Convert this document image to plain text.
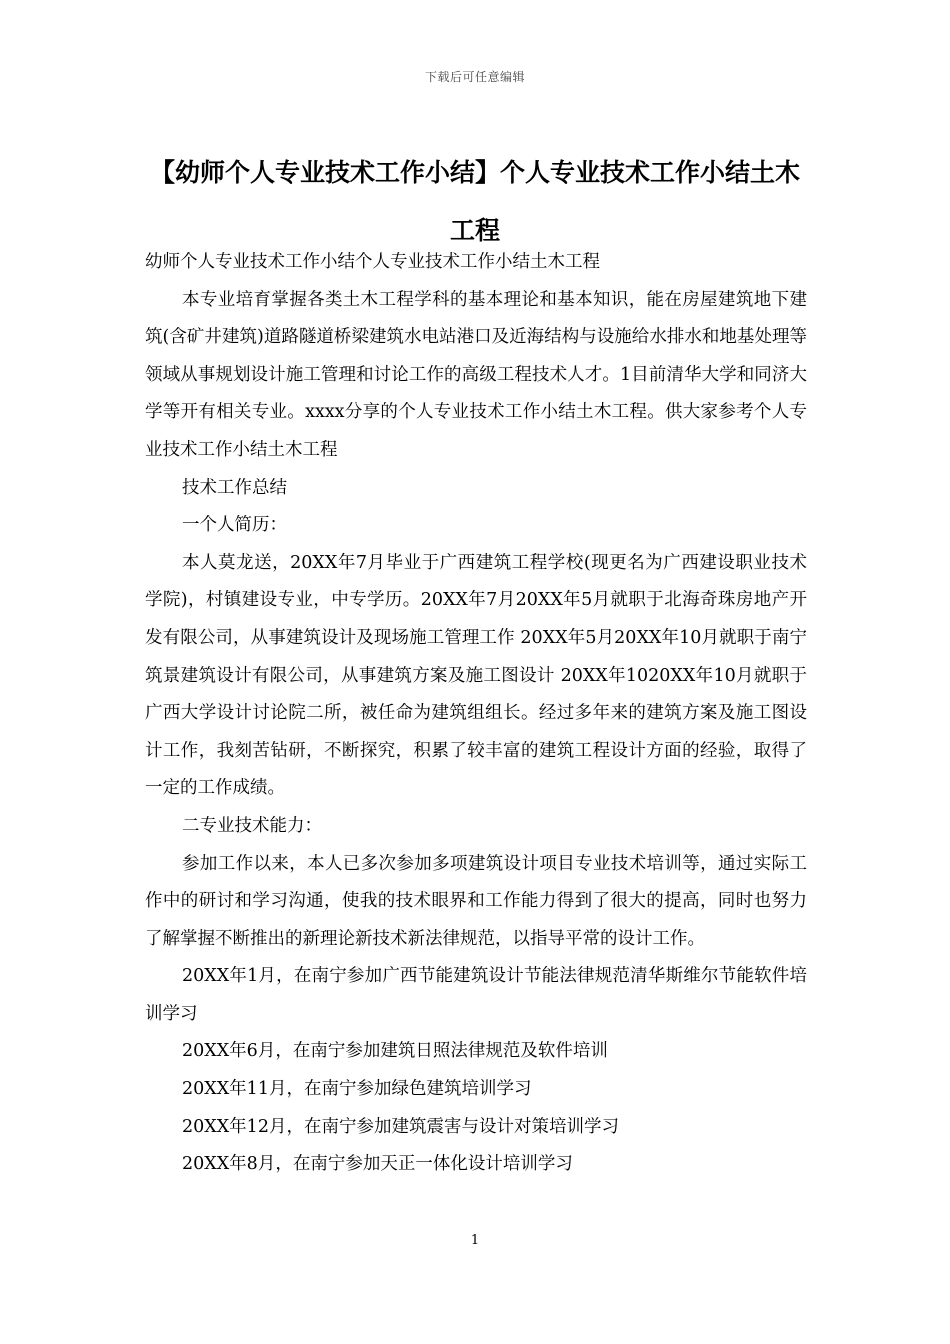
下载后可任意编辑
【幼师个人专业技术工作小结】个人专业技术工作小结土木工程

幼师个人专业技术工作小结个人专业技术工作小结土木工程

本专业培育掌握各类土木工程学科的基本理论和基本知识，能在房屋建筑地下建筑(含矿井建筑)道路隧道桥梁建筑水电站港口及近海结构与设施给水排水和地基处理等领域从事规划设计施工管理和讨论工作的高级工程技术人才。1目前清华大学和同济大学等开有相关专业。xxxx分享的个人专业技术工作小结土木工程。供大家参考个人专业技术工作小结土木工程

技术工作总结

一个人简历：

本人莫龙送，20XX年7月毕业于广西建筑工程学校(现更名为广西建设职业技术学院)，村镇建设专业，中专学历。20XX年7月20XX年5月就职于北海奇珠房地产开发有限公司，从事建筑设计及现场施工管理工作 20XX年5月20XX年10月就职于南宁筑景建筑设计有限公司，从事建筑方案及施工图设计 20XX年1020XX年10月就职于广西大学设计讨论院二所，被任命为建筑组组长。经过多年来的建筑方案及施工图设计工作，我刻苦钻研，不断探究，积累了较丰富的建筑工程设计方面的经验，取得了一定的工作成绩。

二专业技术能力：

参加工作以来，本人已多次参加多项建筑设计项目专业技术培训等，通过实际工作中的研讨和学习沟通，使我的技术眼界和工作能力得到了很大的提高，同时也努力了解掌握不断推出的新理论新技术新法律规范，以指导平常的设计工作。

20XX年1月，在南宁参加广西节能建筑设计节能法律规范清华斯维尔节能软件培训学习

20XX年6月，在南宁参加建筑日照法律规范及软件培训

20XX年11月，在南宁参加绿色建筑培训学习

20XX年12月，在南宁参加建筑震害与设计对策培训学习

20XX年8月，在南宁参加天正一体化设计培训学习

1
